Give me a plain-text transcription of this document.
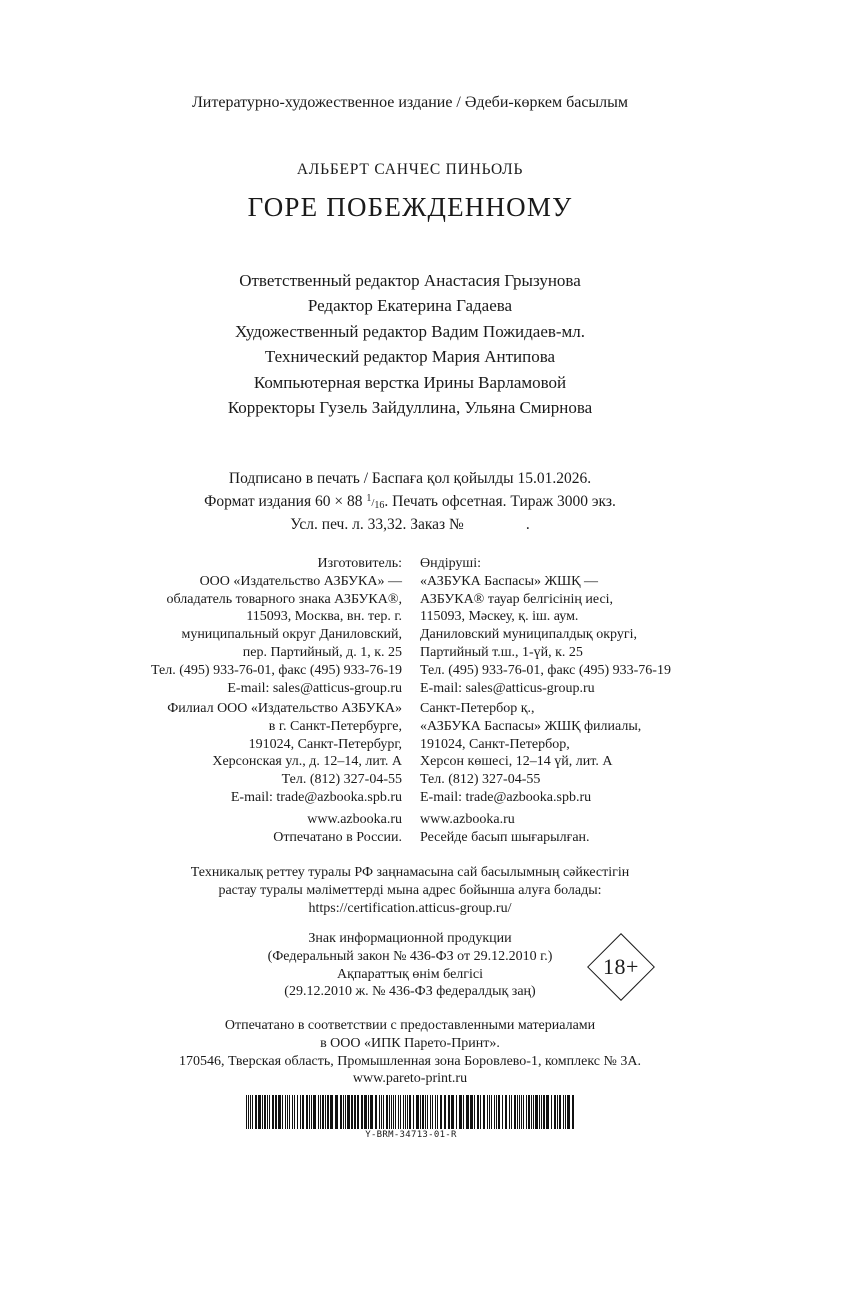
Литературно-художественное издание / Әдеби-көркем басылым
АЛЬБЕРТ САНЧЕС ПИНЬОЛЬ
ГОРЕ ПОБЕЖДЕННОМУ
Ответственный редактор Анастасия Грызунова
Редактор Екатерина Гадаева
Художественный редактор Вадим Пожидаев-мл.
Технический редактор Мария Антипова
Компьютерная верстка Ирины Варламовой
Корректоры Гузель Зайдуллина, Ульяна Смирнова
Подписано в печать / Баспаға қол қойылды 15.01.2026.
Формат издания 60 × 88 $^1/_{16}$. Печать офсетная. Тираж 3000 экз.
Усл. печ. л. 33,32. Заказ №	.
Изготовитель:
ООО «Издательство АЗБУКА» —
обладатель товарного знака АЗБУКА®,
115093, Москва, вн. тер. г.
муниципальный округ Даниловский,
пер. Партийный, д. 1, к. 25
Тел. (495) 933-76-01, факс (495) 933-76-19
E-mail: sales@atticus-group.ru
Өндіруші:
«АЗБУКА Баспасы» ЖШҚ —
АЗБУКА® тауар белгісінің иесі,
115093, Мәскеу, қ. іш. аум.
Даниловский муниципалдық округі,
Партийный т.ш., 1-үй, к. 25
Тел. (495) 933-76-01, факс (495) 933-76-19
E-mail: sales@atticus-group.ru
Филиал ООО «Издательство АЗБУКА»
в г. Санкт-Петербурге,
191024, Санкт-Петербург,
Херсонская ул., д. 12–14, лит. А
Тел. (812) 327-04-55
E-mail: trade@azbooka.spb.ru
Санкт-Петербор қ.,
«АЗБУКА Баспасы» ЖШҚ филиалы,
191024, Санкт-Петербор,
Херсон көшесі, 12–14 үй, лит. А
Тел. (812) 327-04-55
E-mail: trade@azbooka.spb.ru
www.azbooka.ru
Отпечатано в России.
www.azbooka.ru
Ресейде басып шығарылған.
Техникалық реттеу туралы РФ заңнамасына сай басылымның сәйкестігін
растау туралы мәліметтерді мына адрес бойынша алуға болады:
https://certification.atticus-group.ru/
Знак информационной продукции
(Федеральный закон № 436-ФЗ от 29.12.2010 г.)
Ақпараттық өнім белгісі
(29.12.2010 ж. № 436-ФЗ федералдық заң)
18+
Отпечатано в соответствии с предоставленными материалами
в ООО «ИПК Парето-Принт».
170546, Тверская область, Промышленная зона Боровлево-1, комплекс № 3А.
www.pareto-print.ru
Y-BRM-34713-01-R
